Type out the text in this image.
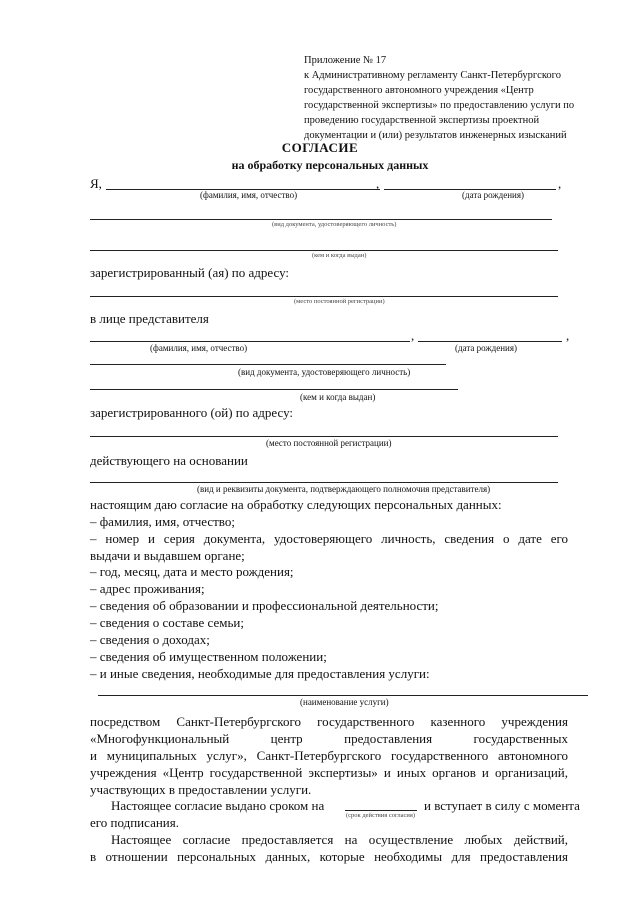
Приложение № 17
к Административному регламенту Санкт-Петербургского
государственного автономного учреждения «Центр
государственной экспертизы» по предоставлению услуги по
проведению государственной экспертизы проектной
документации и (или) результатов инженерных изысканий
СОГЛАСИЕ
на обработку персональных данных
Я,	,	,
(фамилия, имя, отчество)	(дата рождения)
(вид документа, удостоверяющего личность)
(кем и когда выдан)
зарегистрированный (ая) по адресу:
(место постоянной регистрации)
в лице представителя
,	,
(фамилия, имя, отчество)	(дата рождения)
(вид документа, удостоверяющего личность)
(кем и когда выдан)
зарегистрированного (ой) по адресу:
(место постоянной регистрации)
действующего на основании
(вид и реквизиты документа, подтверждающего полномочия представителя)
настоящим даю согласие на обработку следующих персональных данных:
– фамилия, имя, отчество;
– номер и серия документа, удостоверяющего личность, сведения о дате его
выдачи и выдавшем органе;
– год, месяц, дата и место рождения;
– адрес проживания;
– сведения об образовании и профессиональной деятельности;
– сведения о составе семьи;
– сведения о доходах;
– сведения об имущественном положении;
– и иные сведения, необходимые для предоставления услуги:
(наименование услуги)
посредством Санкт-Петербургского государственного казенного учреждения
«Многофункциональный центр предоставления государственных
и муниципальных услуг», Санкт-Петербургского государственного автономного
учреждения «Центр государственной экспертизы» и иных органов и организаций,
участвующих в предоставлении услуги.
Настоящее согласие выдано сроком на	и вступает в силу с момента
его подписания.	(срок действия согласия)
Настоящее согласие предоставляется на осуществление любых действий,
в отношении персональных данных, которые необходимы для предоставления
